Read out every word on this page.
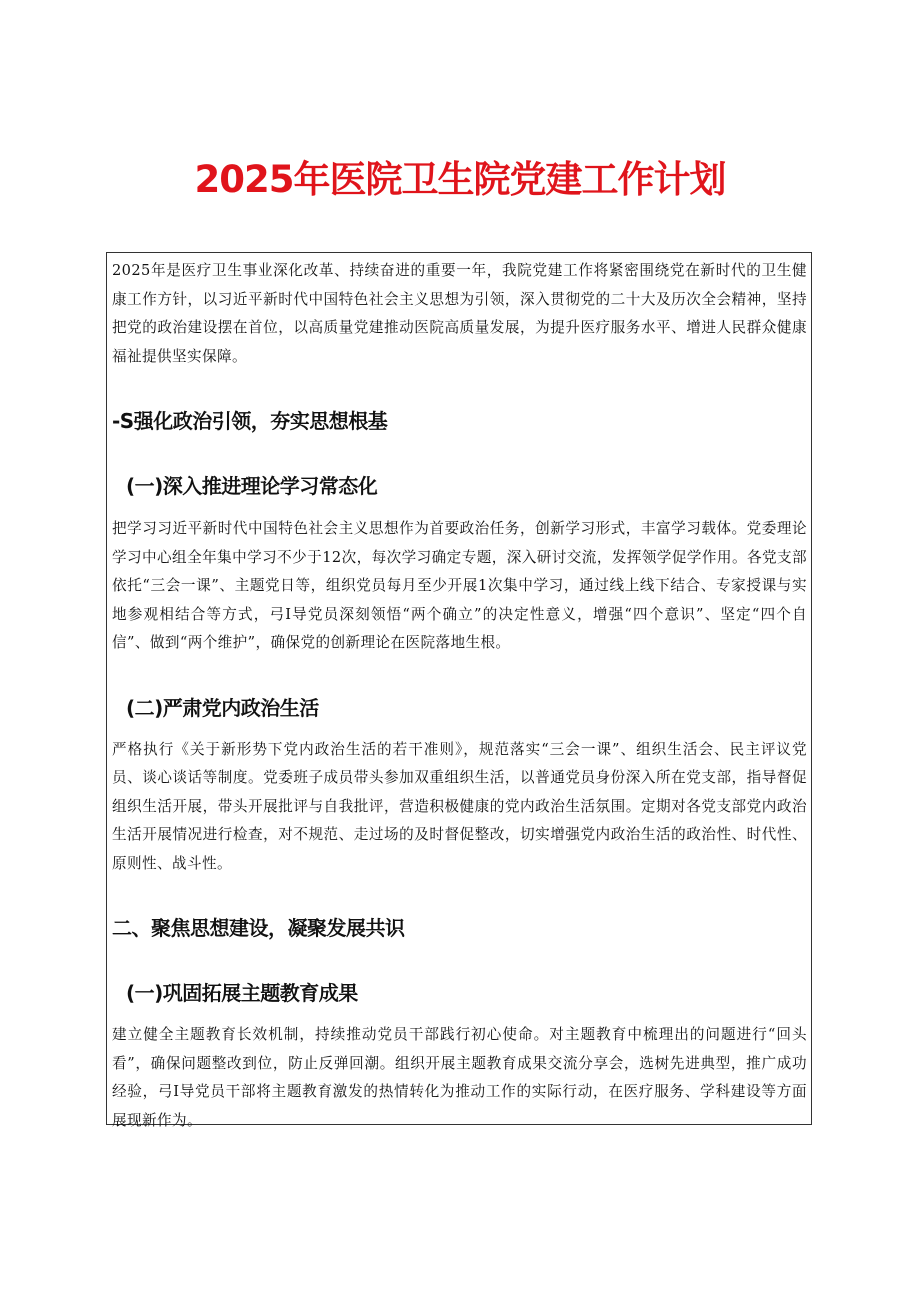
2025年医院卫生院党建工作计划

2025年是医疗卫生事业深化改革、持续奋进的重要一年，我院党建工作将紧密围绕党在新时代的卫生健康工作方针，以习近平新时代中国特色社会主义思想为引领，深入贯彻党的二十大及历次全会精神，坚持把党的政治建设摆在首位，以高质量党建推动医院高质量发展，为提升医疗服务水平、增进人民群众健康福祉提供坚实保障。

-S强化政治引领，夯实思想根基
(一)深入推进理论学习常态化

把学习习近平新时代中国特色社会主义思想作为首要政治任务，创新学习形式，丰富学习载体。党委理论学习中心组全年集中学习不少于12次，每次学习确定专题，深入研讨交流，发挥领学促学作用。各党支部依托“三会一课”、主题党日等，组织党员每月至少开展1次集中学习，通过线上线下结合、专家授课与实地参观相结合等方式，弓I导党员深刻领悟“两个确立”的决定性意义，增强“四个意识”、坚定“四个自信”、做到“两个维护”，确保党的创新理论在医院落地生根。

(二)严肃党内政治生活

严格执行《关于新形势下党内政治生活的若干准则》，规范落实“三会一课”、组织生活会、民主评议党员、谈心谈话等制度。党委班子成员带头参加双重组织生活，以普通党员身份深入所在党支部，指导督促组织生活开展，带头开展批评与自我批评，营造积极健康的党内政治生活氛围。定期对各党支部党内政治生活开展情况进行检查，对不规范、走过场的及时督促整改，切实增强党内政治生活的政治性、时代性、原则性、战斗性。

二、聚焦思想建设，凝聚发展共识
(一)巩固拓展主题教育成果

建立健全主题教育长效机制，持续推动党员干部践行初心使命。对主题教育中梳理出的问题进行“回头看”，确保问题整改到位，防止反弹回潮。组织开展主题教育成果交流分享会，选树先进典型，推广成功经验，弓I导党员干部将主题教育激发的热情转化为推动工作的实际行动，在医疗服务、学科建设等方面展现新作为。
